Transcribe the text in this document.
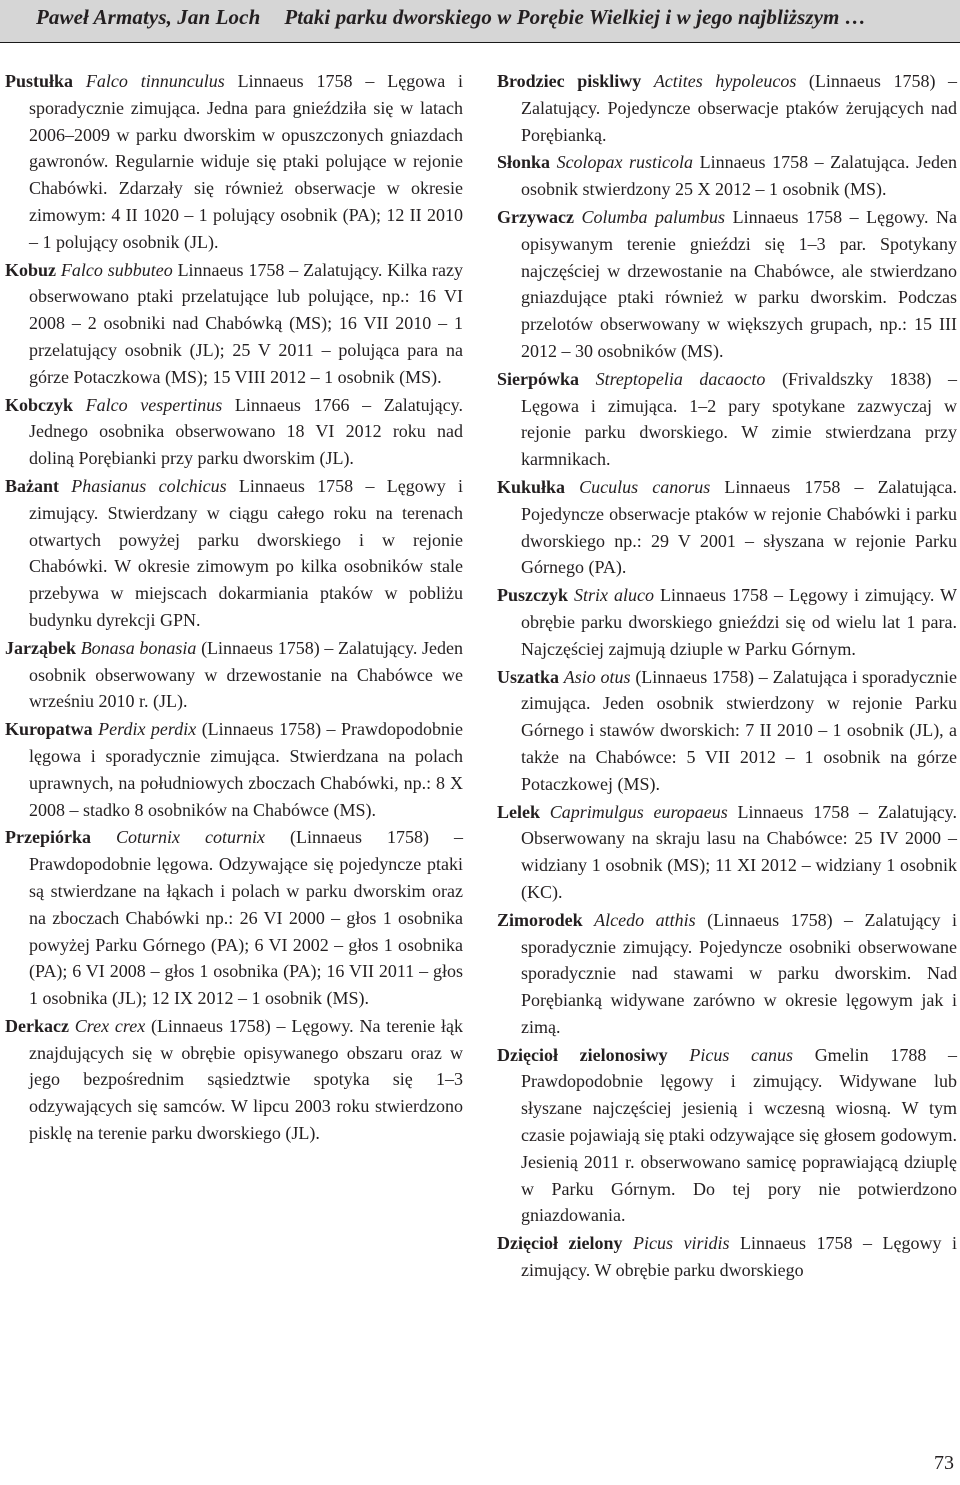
Paweł Armatys, Jan Loch Ptaki parku dworskiego w Porębie Wielkiej i w jego najbliższym …

Pustułka Falco tinnunculus Linnaeus 1758 – Lęgowa i sporadycznie zimująca. Jedna para gnieździła się w latach 2006–2009 w parku dworskim w opuszczonych gniazdach gawronów. Regularnie widuje się ptaki polujące w rejonie Chabówki. Zdarzały się również obserwacje w okresie zimowym: 4 II 1020 – 1 polujący osobnik (PA); 12 II 2010 – 1 polujący osobnik (JL).

Kobuz Falco subbuteo Linnaeus 1758 – Zalatujący. Kilka razy obserwowano ptaki przelatujące lub polujące, np.: 16 VI 2008 – 2 osobniki nad Chabówką (MS); 16 VII 2010 – 1 przelatujący osobnik (JL); 25 V 2011 – polująca para na górze Potaczkowa (MS); 15 VIII 2012 – 1 osobnik (MS).

Kobczyk Falco vespertinus Linnaeus 1766 – Zalatujący. Jednego osobnika obserwowano 18 VI 2012 roku nad doliną Porębianki przy parku dworskim (JL).

Bażant Phasianus colchicus Linnaeus 1758 – Lęgowy i zimujący. Stwierdzany w ciągu całego roku na terenach otwartych powyżej parku dworskiego i w rejonie Chabówki. W okresie zimowym po kilka osobników stale przebywa w miejscach dokarmiania ptaków w pobliżu budynku dyrekcji GPN.

Jarząbek Bonasa bonasia (Linnaeus 1758) – Zalatujący. Jeden osobnik obserwowany w drzewostanie na Chabówce we wrześniu 2010 r. (JL).

Kuropatwa Perdix perdix (Linnaeus 1758) – Prawdopodobnie lęgowa i sporadycznie zimująca. Stwierdzana na polach uprawnych, na południowych zboczach Chabówki, np.: 8 X 2008 – stadko 8 osobników na Chabówce (MS).

Przepiórka Coturnix coturnix (Linnaeus 1758) – Prawdopodobnie lęgowa. Odzywające się pojedyncze ptaki są stwierdzane na łąkach i polach w parku dworskim oraz na zboczach Chabówki np.: 26 VI 2000 – głos 1 osobnika powyżej Parku Górnego (PA); 6 VI 2002 – głos 1 osobnika (PA); 6 VI 2008 – głos 1 osobnika (PA); 16 VII 2011 – głos 1 osobnika (JL); 12 IX 2012 – 1 osobnik (MS).

Derkacz Crex crex (Linnaeus 1758) – Lęgowy. Na terenie łąk znajdujących się w obrębie opisywanego obszaru oraz w jego bezpośrednim sąsiedztwie spotyka się 1–3 odzywających się samców. W lipcu 2003 roku stwierdzono pisklę na terenie parku dworskiego (JL).

Brodziec piskliwy Actites hypoleucos (Linnaeus 1758) – Zalatujący. Pojedyncze obserwacje ptaków żerujących nad Porębianką.

Słonka Scolopax rusticola Linnaeus 1758 – Zalatująca. Jeden osobnik stwierdzony 25 X 2012 – 1 osobnik (MS).

Grzywacz Columba palumbus Linnaeus 1758 – Lęgowy. Na opisywanym terenie gnieździ się 1–3 par. Spotykany najczęściej w drzewostanie na Chabówce, ale stwierdzano gniazdujące ptaki również w parku dworskim. Podczas przelotów obserwowany w większych grupach, np.: 15 III 2012 – 30 osobników (MS).

Sierpówka Streptopelia dacaocto (Frivaldszky 1838) – Lęgowa i zimująca. 1–2 pary spotykane zazwyczaj w rejonie parku dworskiego. W zimie stwierdzana przy karmnikach.

Kukułka Cuculus canorus Linnaeus 1758 – Zalatująca. Pojedyncze obserwacje ptaków w rejonie Chabówki i parku dworskiego np.: 29 V 2001 – słyszana w rejonie Parku Górnego (PA).

Puszczyk Strix aluco Linnaeus 1758 – Lęgowy i zimujący. W obrębie parku dworskiego gnieździ się od wielu lat 1 para. Najczęściej zajmują dziuple w Parku Górnym.

Uszatka Asio otus (Linnaeus 1758) – Zalatująca i sporadycznie zimująca. Jeden osobnik stwierdzony w rejonie Parku Górnego i stawów dworskich: 7 II 2010 – 1 osobnik (JL), a także na Chabówce: 5 VII 2012 – 1 osobnik na górze Potaczkowej (MS).

Lelek Caprimulgus europaeus Linnaeus 1758 – Zalatujący. Obserwowany na skraju lasu na Chabówce: 25 IV 2000 – widziany 1 osobnik (MS); 11 XI 2012 – widziany 1 osobnik (KC).

Zimorodek Alcedo atthis (Linnaeus 1758) – Zalatujący i sporadycznie zimujący. Pojedyncze osobniki obserwowane sporadycznie nad stawami w parku dworskim. Nad Porębianką widywane zarówno w okresie lęgowym jak i zimą.

Dzięcioł zielonosiwy Picus canus Gmelin 1788 – Prawdopodobnie lęgowy i zimujący. Widywane lub słyszane najczęściej jesienią i wczesną wiosną. W tym czasie pojawiają się ptaki odzywające się głosem godowym. Jesienią 2011 r. obserwowano samicę poprawiającą dziuplę w Parku Górnym. Do tej pory nie potwierdzono gniazdowania.

Dzięcioł zielony Picus viridis Linnaeus 1758 – Lęgowy i zimujący. W obrębie parku dworskiego

73
